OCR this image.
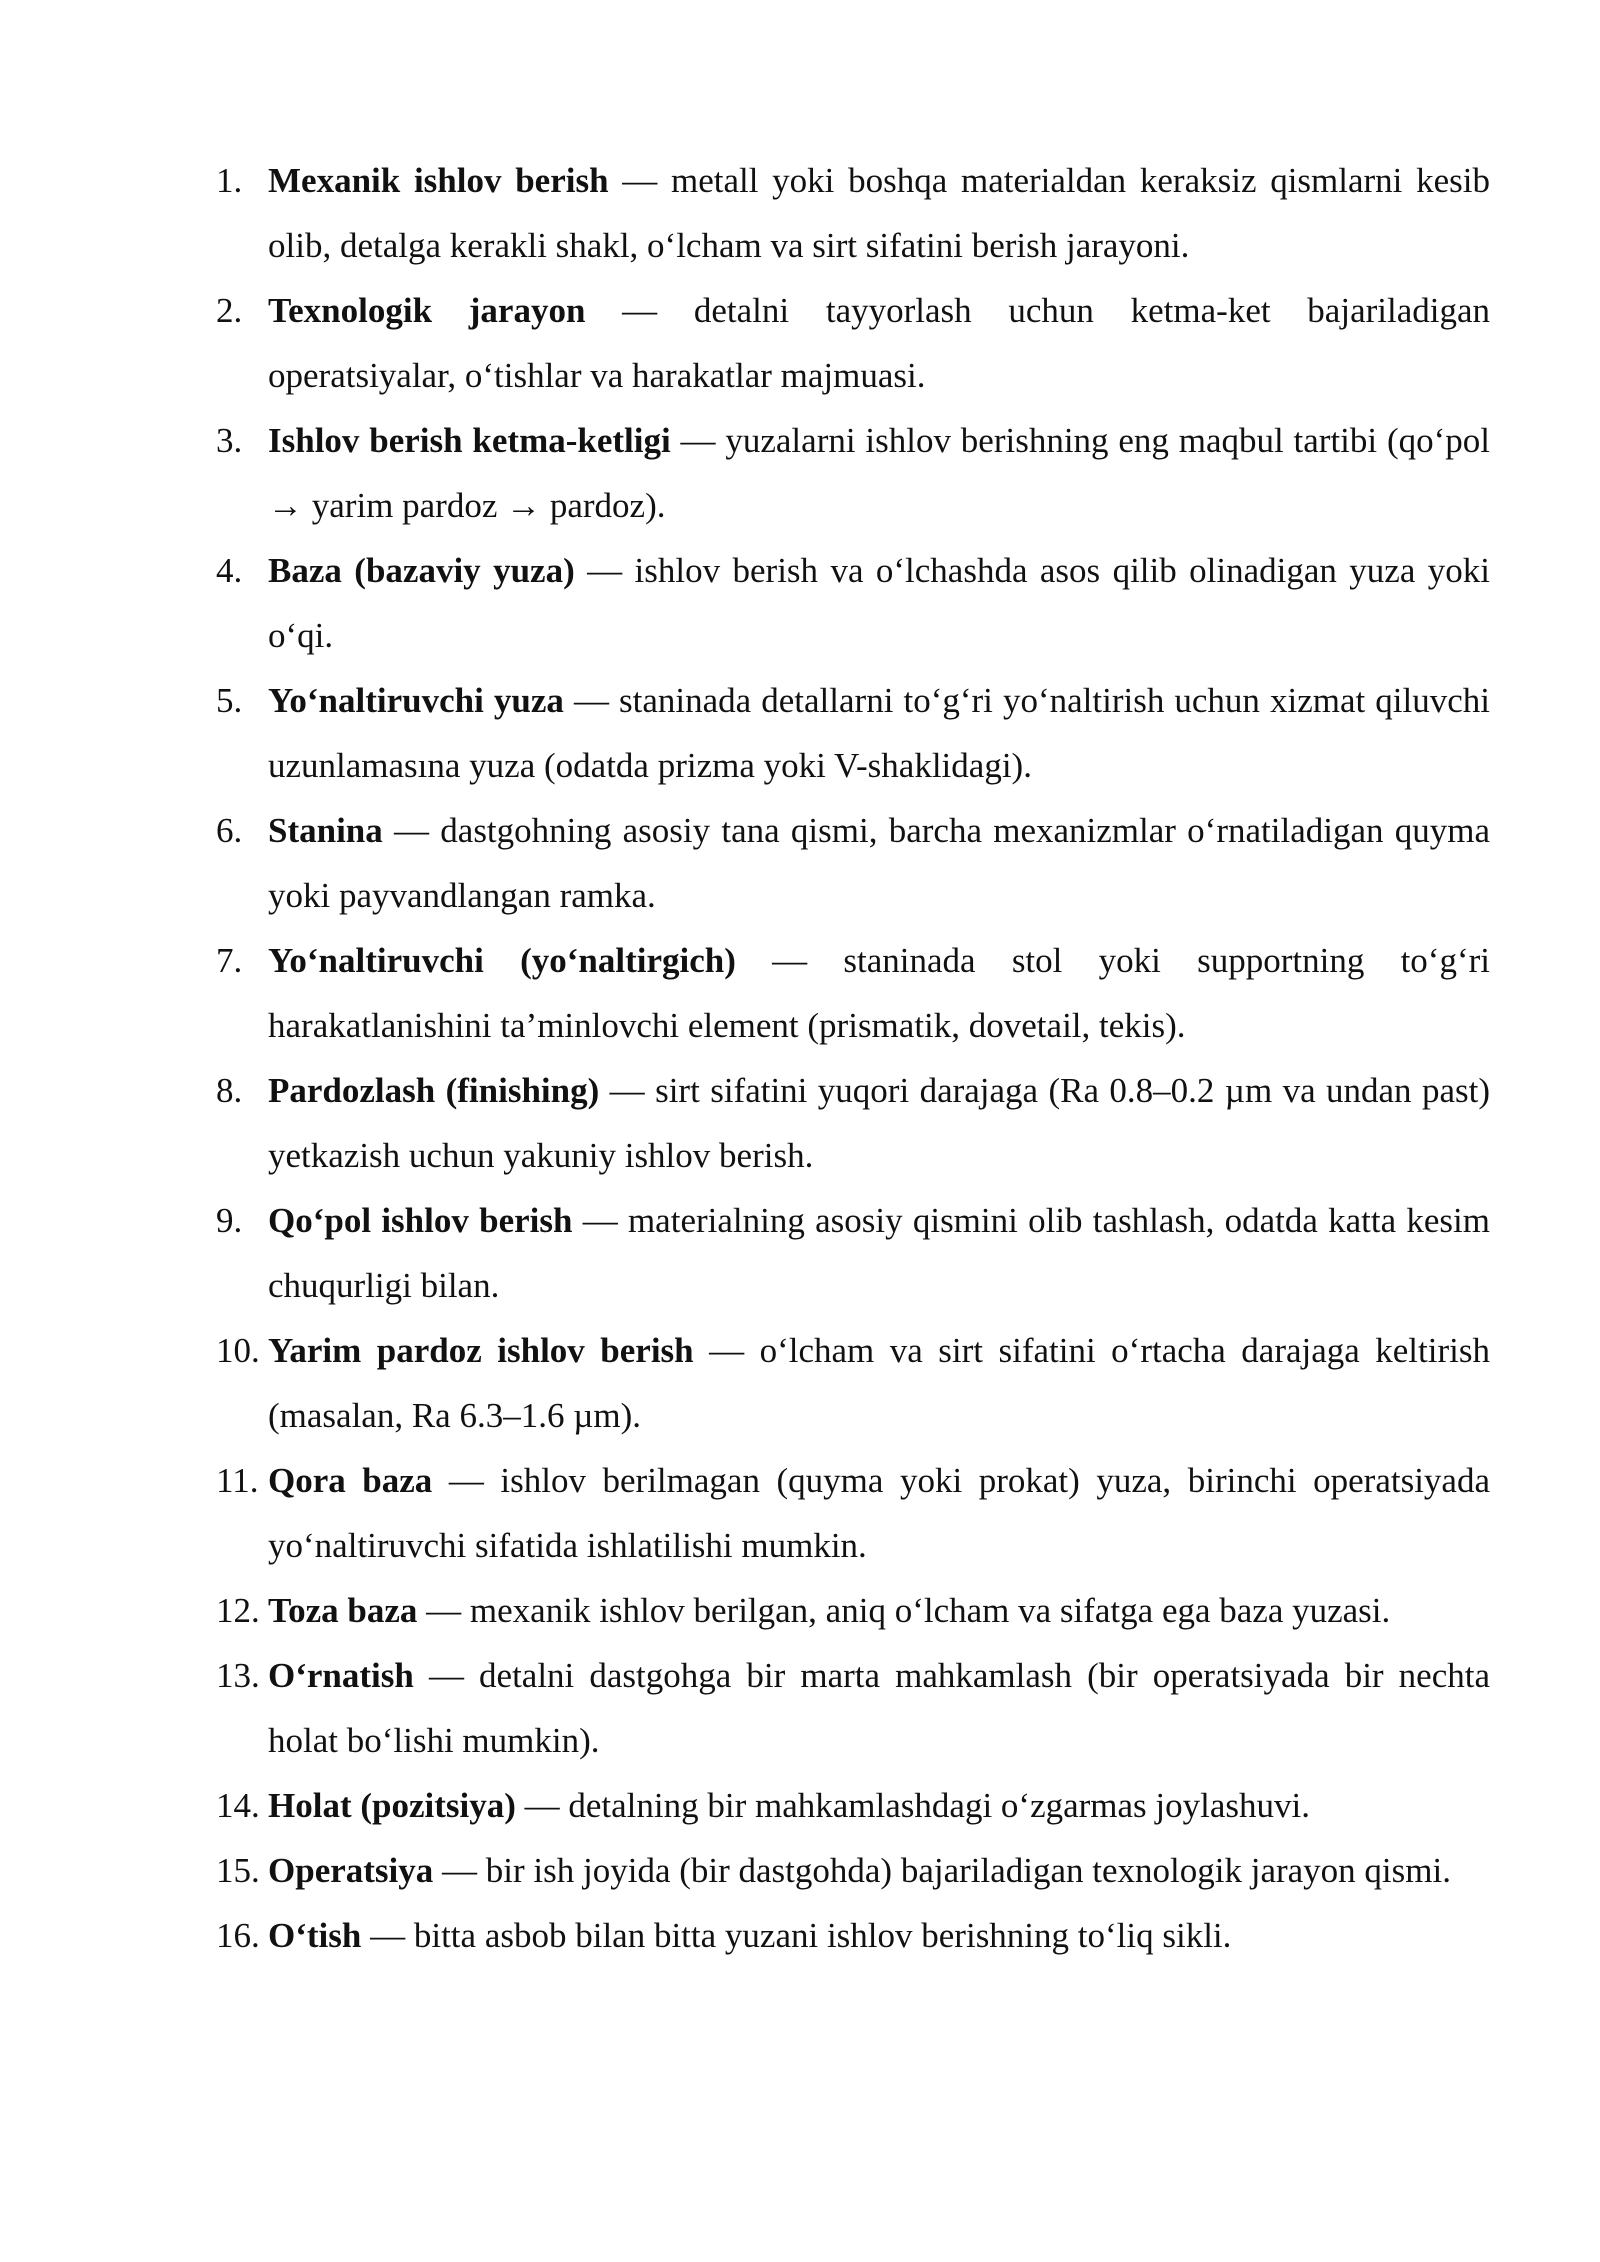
1. Mexanik ishlov berish — metall yoki boshqa materialdan keraksiz qismlarni kesib olib, detalga kerakli shakl, o‘lcham va sirt sifatini berish jarayoni.
2. Texnologik jarayon — detalni tayyorlash uchun ketma-ket bajariladigan operatsiyalar, o‘tishlar va harakatlar majmuasi.
3. Ishlov berish ketma-ketligi — yuzalarni ishlov berishning eng maqbul tartibi (qo‘pol → yarim pardoz → pardoz).
4. Baza (bazaviy yuza) — ishlov berish va o‘lchashda asos qilib olinadigan yuza yoki o‘qi.
5. Yo‘naltiruvchi yuza — staninada detallarni to‘g‘ri yo‘naltirish uchun xizmat qiluvchi uzunlamasına yuza (odatda prizma yoki V-shaklidagi).
6. Stanina — dastgohning asosiy tana qismi, barcha mexanizmlar o‘rnatiladigan quyma yoki payvandlangan ramka.
7. Yo‘naltiruvchi (yo‘naltirgich) — staninada stol yoki supportning to‘g‘ri harakatlanishini ta’minlovchi element (prismatik, dovetail, tekis).
8. Pardozlash (finishing) — sirt sifatini yuqori darajaga (Ra 0.8–0.2 µm va undan past) yetkazish uchun yakuniy ishlov berish.
9. Qo‘pol ishlov berish — materialning asosiy qismini olib tashlash, odatda katta kesim chuqurligi bilan.
10. Yarim pardoz ishlov berish — o‘lcham va sirt sifatini o‘rtacha darajaga keltirish (masalan, Ra 6.3–1.6 µm).
11. Qora baza — ishlov berilmagan (quyma yoki prokat) yuza, birinchi operatsiyada yo‘naltiruvchi sifatida ishlatilishi mumkin.
12. Toza baza — mexanik ishlov berilgan, aniq o‘lcham va sifatga ega baza yuzasi.
13. O‘rnatish — detalni dastgohga bir marta mahkamlash (bir operatsiyada bir nechta holat bo‘lishi mumkin).
14. Holat (pozitsiya) — detalning bir mahkamlashdagi o‘zgarmas joylashuvi.
15. Operatsiya — bir ish joyida (bir dastgohda) bajariladigan texnologik jarayon qismi.
16. O‘tish — bitta asbob bilan bitta yuzani ishlov berishning to‘liq sikli.
